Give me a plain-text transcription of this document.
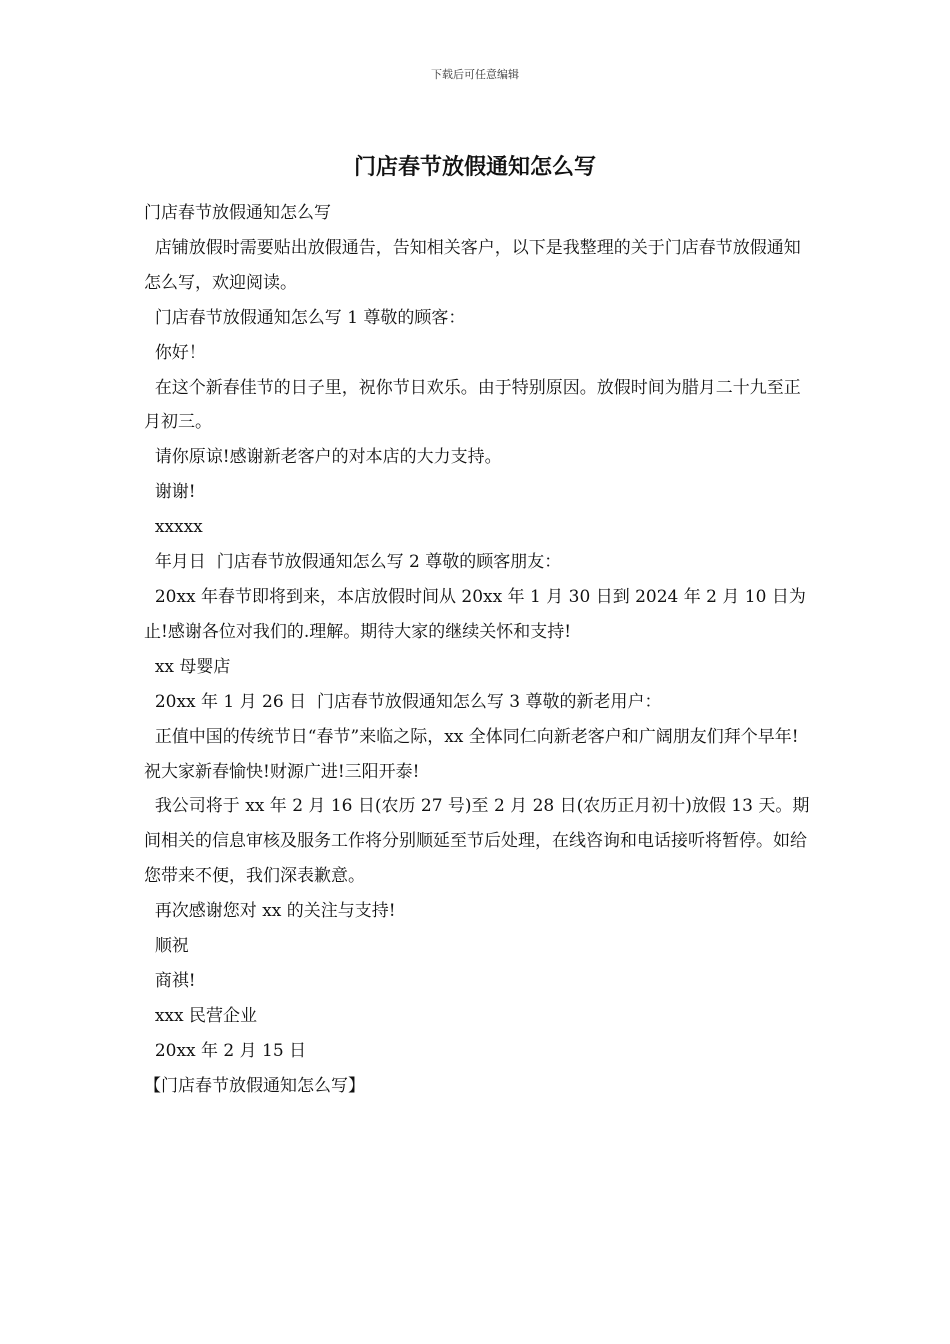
下载后可任意编辑
门店春节放假通知怎么写

门店春节放假通知怎么写

店铺放假时需要贴出放假通告，告知相关客户，以下是我整理的关于门店春节放假通知怎么写，欢迎阅读。

门店春节放假通知怎么写 1 尊敬的顾客：

你好！

在这个新春佳节的日子里，祝你节日欢乐。由于特别原因。放假时间为腊月二十九至正月初三。

请你原谅!感谢新老客户的对本店的大力支持。

谢谢!

xxxxx

年月日  门店春节放假通知怎么写 2 尊敬的顾客朋友：

20xx 年春节即将到来，本店放假时间从 20xx 年 1 月 30 日到 2024 年 2 月 10 日为止!感谢各位对我们的.理解。期待大家的继续关怀和支持!

xx 母婴店

20xx 年 1 月 26 日  门店春节放假通知怎么写 3 尊敬的新老用户：

正值中国的传统节日“春节”来临之际，xx 全体同仁向新老客户和广阔朋友们拜个早年!祝大家新春愉快!财源广进!三阳开泰!

我公司将于 xx 年 2 月 16 日(农历 27 号)至 2 月 28 日(农历正月初十)放假 13 天。期间相关的信息审核及服务工作将分别顺延至节后处理，在线咨询和电话接听将暂停。如给您带来不便，我们深表歉意。

再次感谢您对 xx 的关注与支持!

顺祝

商祺!

xxx 民营企业

20xx 年 2 月 15 日

【门店春节放假通知怎么写】
